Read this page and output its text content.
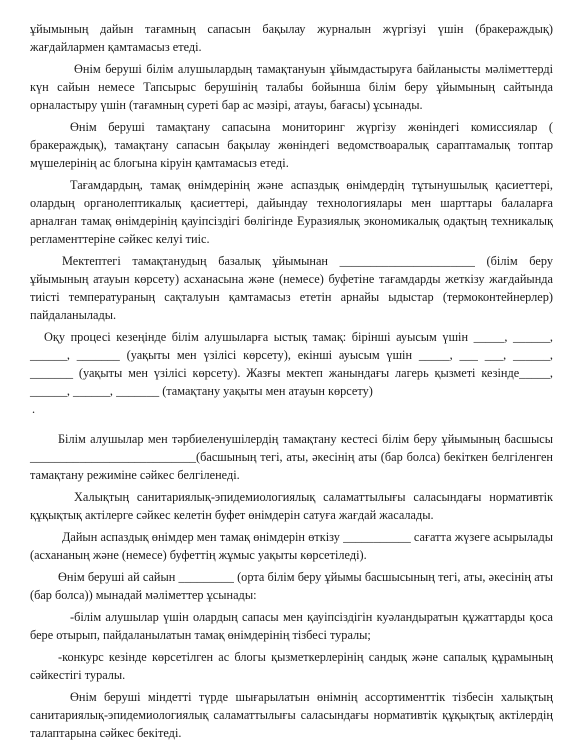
ұйымының дайын тағамның сапасын бақылау журналын жүргізуі үшін (бракераждық) жағдайлармен қамтамасыз етеді.

Өнім беруші білім алушылардың тамақтануын ұйымдастыруға байланысты мәліметтерді күн сайын немесе Тапсырыс берушінің талабы бойынша білім беру ұйымының сайтында орналастыру үшін (тағамның суреті бар ас мәзірі, атауы, бағасы) ұсынады.

Өнім беруші тамақтану сапасына мониторинг жүргізу жөніндегі комиссиялар ( бракераждық), тамақтану сапасын бақылау жөніндегі ведомствоаралық сараптамалық топтар мүшелерінің ас блогына кіруін қамтамасыз етеді.

Тағамдардың, тамақ өнімдерінің және аспаздық өнімдердің тұтынушылық қасиеттері, олардың органолептикалық қасиеттері, дайындау технологиялары мен шарттары балаларға арналған тамақ өнімдерінің қауіпсіздігі бөлігінде Еуразиялық экономикалық одақтың техникалық регламенттеріне сәйкес келуі тиіс.

Мектептегі тамақтанудың базалық ұйымынан ______________________ (білім беру ұйымының атауын көрсету) асханасына және (немесе) буфетіне тағамдарды жеткізу жағдайында тиісті температураның сақталуын қамтамасыз ететін арнайы ыдыстар (термоконтейнерлер) пайдаланылады.

Оқу процесі кезеңінде білім алушыларға ыстық тамақ: бірінші ауысым үшін _____, ______, ______, _______ (уақыты мен үзілісі көрсету), екінші ауысым үшін _____, ___ ___, ______, _______ (уақыты мен үзілісі көрсету). Жазғы мектеп жанындағы лагерь қызметі кезінде_____, ______, ______, _______ (тамақтану уақыты мен атауын көрсету)

.

Білім алушылар мен тәрбиеленушілердің тамақтану кестесі білім беру ұйымының басшысы ___________________________(басшының тегі, аты, әкесінің аты (бар болса) бекіткен белгіленген тамақтану режиміне сәйкес белгіленеді.

Халықтың санитариялық-эпидемиологиялық саламаттылығы саласындағы нормативтік құқықтық актілерге сәйкес келетін буфет өнімдерін сатуға жағдай жасалады.

Дайын аспаздық өнімдер мен тамақ өнімдерін өткізу ___________ сағатта жүзеге асырылады (асхананың және (немесе) буфеттің жұмыс уақыты көрсетіледі).

Өнім беруші ай сайын _________ (орта білім беру ұйымы басшысының тегі, аты, әкесінің аты (бар болса)) мынадай мәліметтер ұсынады:

-білім алушылар үшін олардың сапасы мен қауіпсіздігін куәландыратын құжаттарды қоса бере отырып, пайдаланылатын тамақ өнімдерінің тізбесі туралы;

-конкурс кезінде көрсетілген ас блогы қызметкерлерінің сандық және сапалық құрамының сәйкестігі туралы.

Өнім беруші міндетті түрде шығарылатын өнімнің ассортименттік тізбесін халықтың санитариялық-эпидемиологиялық саламаттылығы саласындағы нормативтік құқықтық актілердің талаптарына сәйкес бекітеді.
